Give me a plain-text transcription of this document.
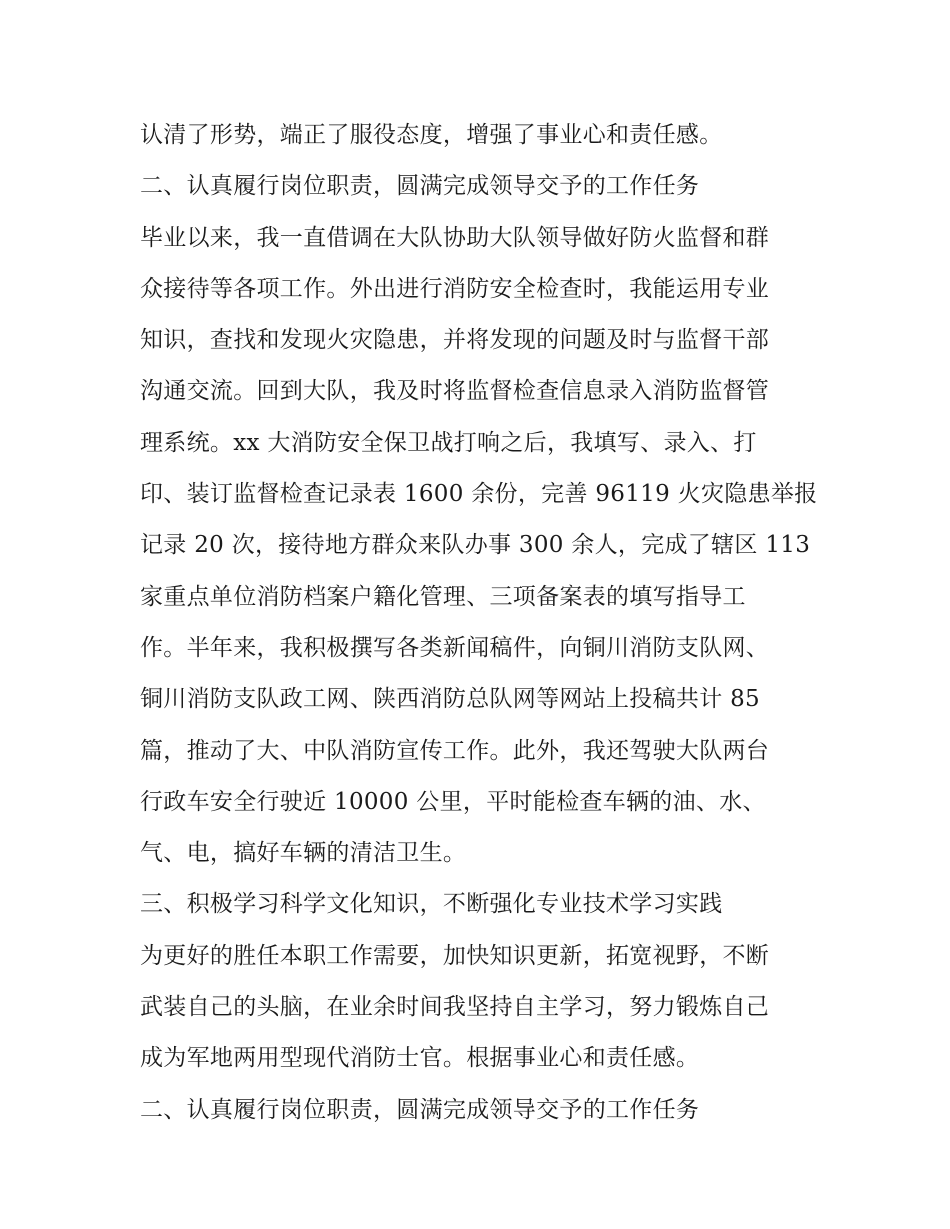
认清了形势，端正了服役态度，增强了事业心和责任感。
二、认真履行岗位职责，圆满完成领导交予的工作任务
毕业以来，我一直借调在大队协助大队领导做好防火监督和群
众接待等各项工作。外出进行消防安全检查时，我能运用专业
知识，查找和发现火灾隐患，并将发现的问题及时与监督干部
沟通交流。回到大队，我及时将监督检查信息录入消防监督管
理系统。xx 大消防安全保卫战打响之后，我填写、录入、打
印、装订监督检查记录表 1600 余份，完善 96119 火灾隐患举报
记录 20 次，接待地方群众来队办事 300 余人，完成了辖区 113
家重点单位消防档案户籍化管理、三项备案表的填写指导工
作。半年来，我积极撰写各类新闻稿件，向铜川消防支队网、
铜川消防支队政工网、陕西消防总队网等网站上投稿共计 85
篇，推动了大、中队消防宣传工作。此外，我还驾驶大队两台
行政车安全行驶近 10000 公里，平时能检查车辆的油、水、
气、电，搞好车辆的清洁卫生。
三、积极学习科学文化知识，不断强化专业技术学习实践
为更好的胜任本职工作需要，加快知识更新，拓宽视野，不断
武装自己的头脑，在业余时间我坚持自主学习，努力锻炼自己
成为军地两用型现代消防士官。根据事业心和责任感。
二、认真履行岗位职责，圆满完成领导交予的工作任务
